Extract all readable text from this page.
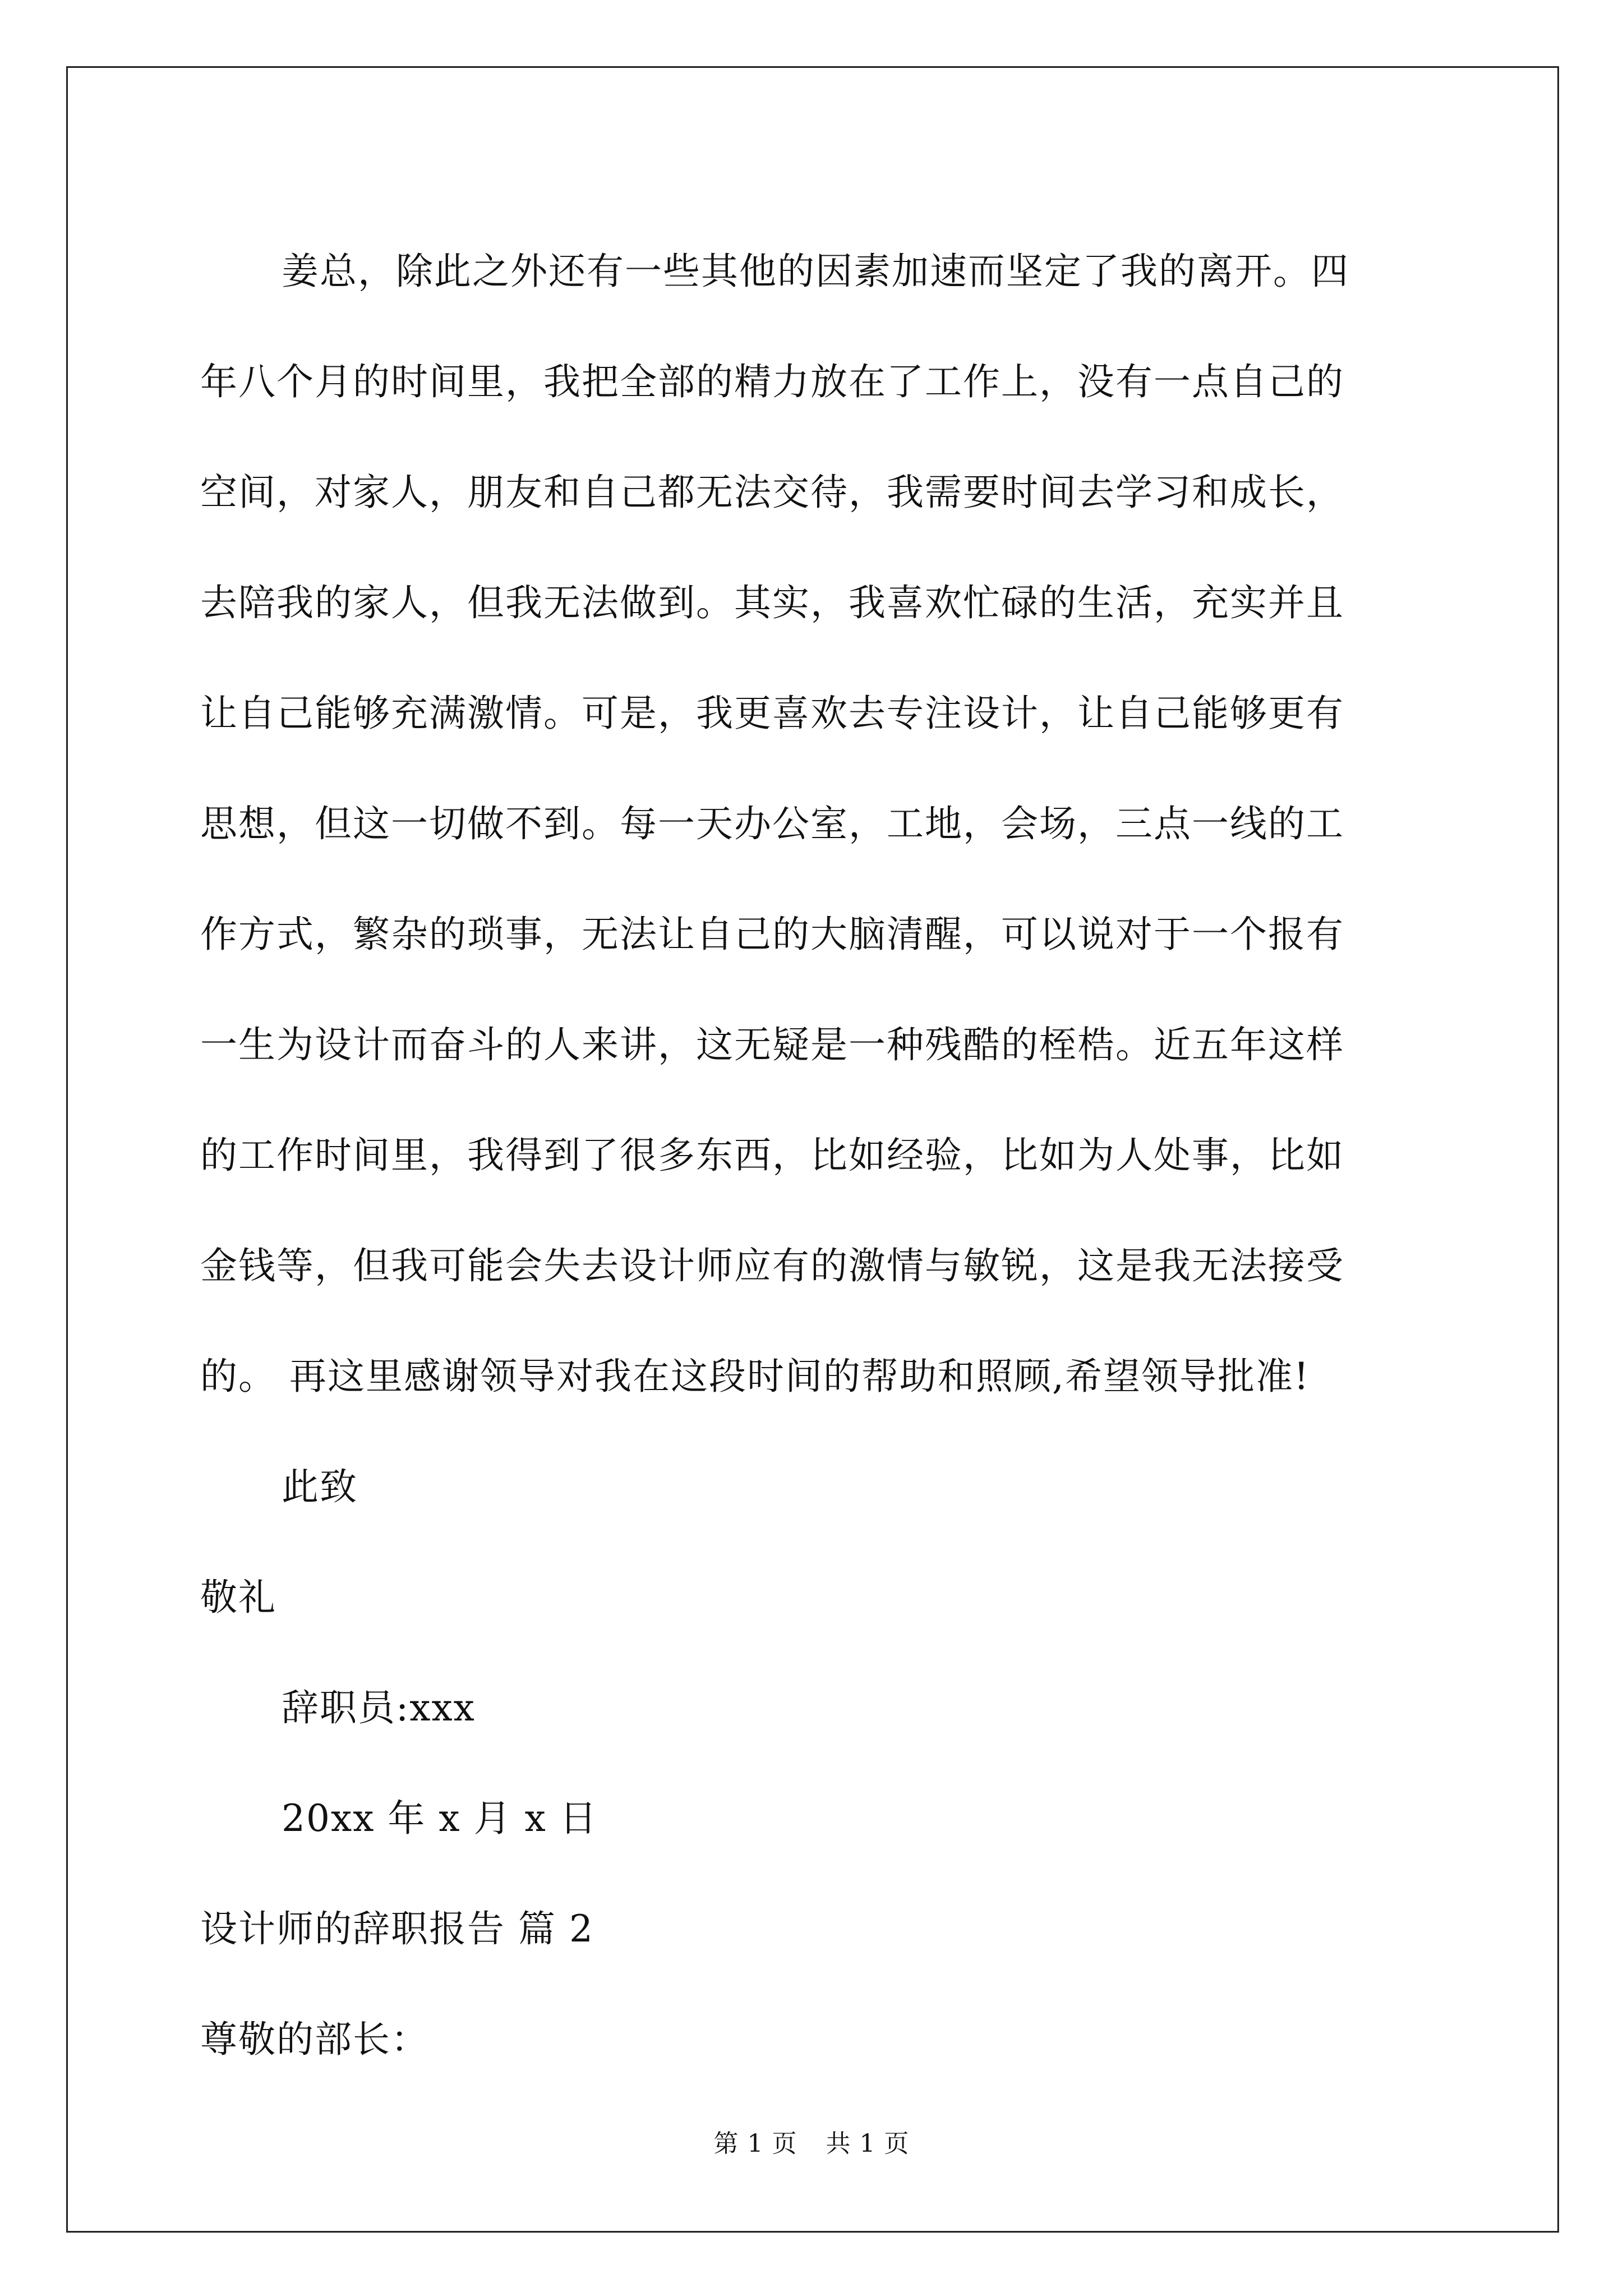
姜总，除此之外还有一些其他的因素加速而坚定了我的离开。四

年八个月的时间里，我把全部的精力放在了工作上，没有一点自己的

空间，对家人，朋友和自己都无法交待，我需要时间去学习和成长，

去陪我的家人，但我无法做到。其实，我喜欢忙碌的生活，充实并且

让自己能够充满激情。可是，我更喜欢去专注设计，让自己能够更有

思想，但这一切做不到。每一天办公室，工地，会场，三点一线的工

作方式，繁杂的琐事，无法让自己的大脑清醒，可以说对于一个报有

一生为设计而奋斗的人来讲，这无疑是一种残酷的桎梏。近五年这样

的工作时间里，我得到了很多东西，比如经验，比如为人处事，比如

金钱等，但我可能会失去设计师应有的激情与敏锐，这是我无法接受

的。 再这里感谢领导对我在这段时间的帮助和照顾,希望领导批准!

此致

敬礼

辞职员:xxx

20xx 年 x 月 x 日

设计师的辞职报告 篇 2

尊敬的部长：

第 1 页 共 1 页
